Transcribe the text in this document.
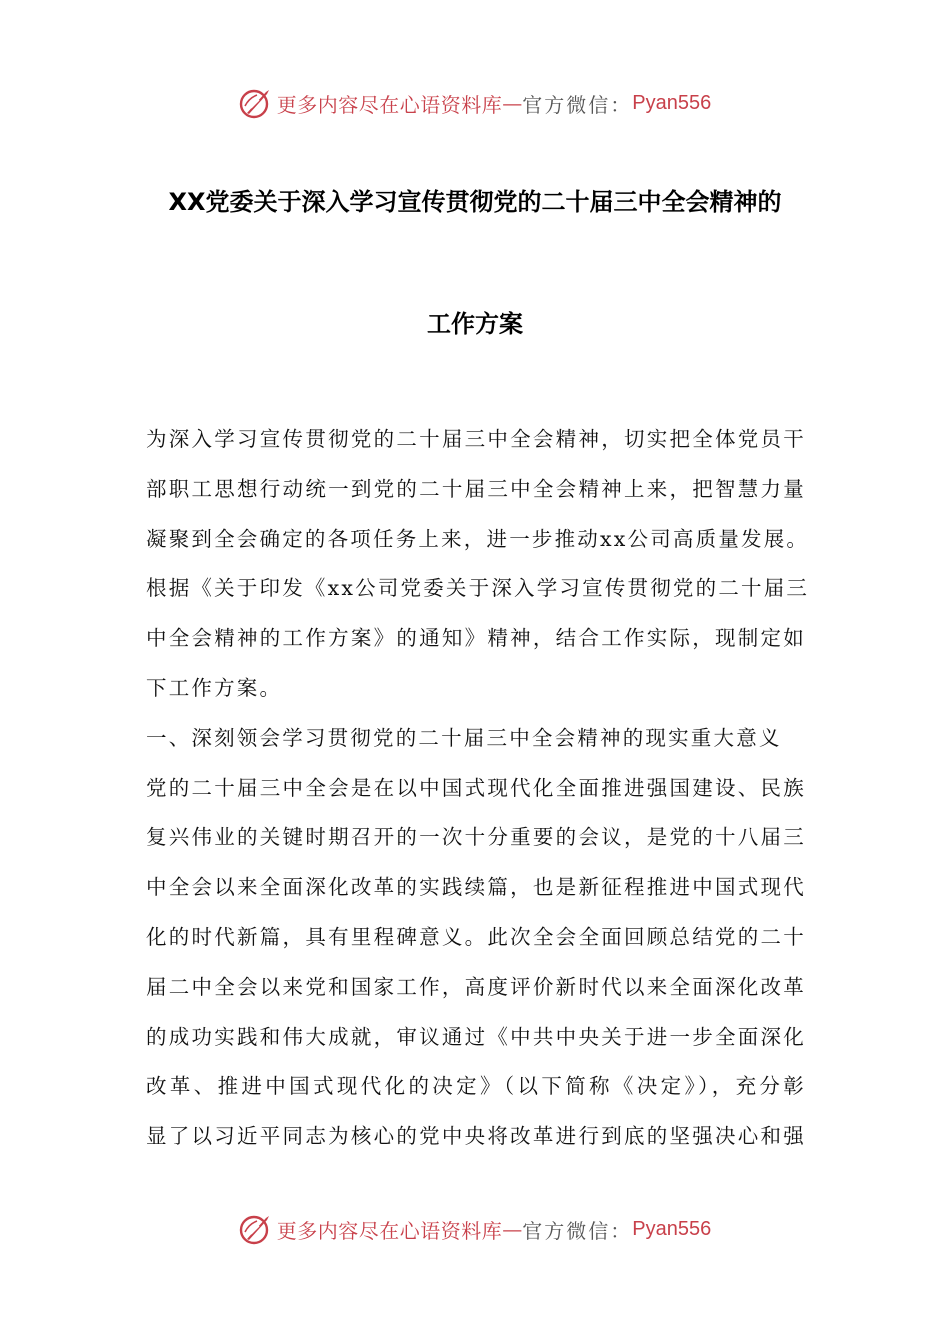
更多内容尽在心语资料库 — 官方微信： Pyan556
XX党委关于深入学习宣传贯彻党的二十届三中全会精神的
工作方案
为深入学习宣传贯彻党的二十届三中全会精神，切实把全体党员干
部职工思想行动统一到党的二十届三中全会精神上来，把智慧力量
凝聚到全会确定的各项任务上来，进一步推动xx公司高质量发展。
根据《关于印发《xx公司党委关于深入学习宣传贯彻党的二十届三
中全会精神的工作方案》的通知》精神，结合工作实际，现制定如
下工作方案。
一、深刻领会学习贯彻党的二十届三中全会精神的现实重大意义
党的二十届三中全会是在以中国式现代化全面推进强国建设、民族
复兴伟业的关键时期召开的一次十分重要的会议，是党的十八届三
中全会以来全面深化改革的实践续篇，也是新征程推进中国式现代
化的时代新篇，具有里程碑意义。此次全会全面回顾总结党的二十
届二中全会以来党和国家工作，高度评价新时代以来全面深化改革
的成功实践和伟大成就，审议通过《中共中央关于进一步全面深化
改革、推进中国式现代化的决定》（以下简称《决定》），充分彰
显了以习近平同志为核心的党中央将改革进行到底的坚强决心和强
更多内容尽在心语资料库 — 官方微信： Pyan556
